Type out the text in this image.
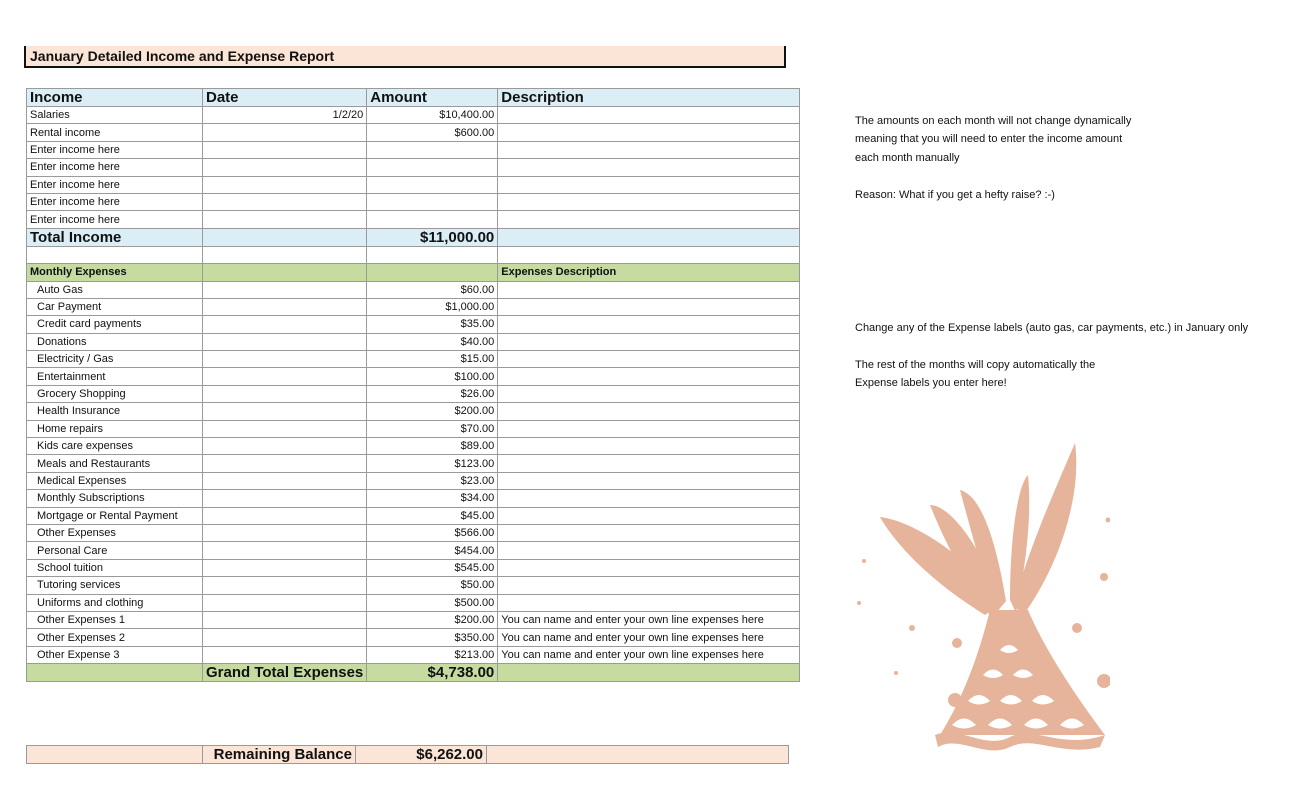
January Detailed Income and Expense Report
Income	Date	Amount	Description
Salaries	1/2/20	$10,400.00	
Rental income		$600.00	
Enter income here			
Enter income here			
Enter income here			
Enter income here			
Enter income here			
Total Income		$11,000.00	

Monthly Expenses			Expenses Description
Auto Gas		$60.00	
Car Payment		$1,000.00	
Credit card payments		$35.00	
Donations		$40.00	
Electricity / Gas		$15.00	
Entertainment		$100.00	
Grocery Shopping		$26.00	
Health Insurance		$200.00	
Home repairs		$70.00	
Kids care expenses		$89.00	
Meals and Restaurants		$123.00	
Medical Expenses		$23.00	
Monthly Subscriptions		$34.00	
Mortgage or Rental Payment		$45.00	
Other Expenses		$566.00	
Personal Care		$454.00	
School tuition		$545.00	
Tutoring services		$50.00	
Uniforms and clothing		$500.00	
Other Expenses 1		$200.00	You can name and enter your own line expenses here
Other Expenses 2		$350.00	You can name and enter your own line expenses here
Other Expense 3		$213.00	You can name and enter your own line expenses here
	Grand Total Expenses	$4,738.00	
	Remaining Balance	$6,262.00	
The amounts on each month will not change dynamically
meaning that you will need to enter the income amount
each month manually
Reason: What if you get a hefty raise? :-)
Change any of the Expense labels (auto gas, car payments, etc.) in January only
The rest of the months will copy automatically the
Expense labels you enter here!
